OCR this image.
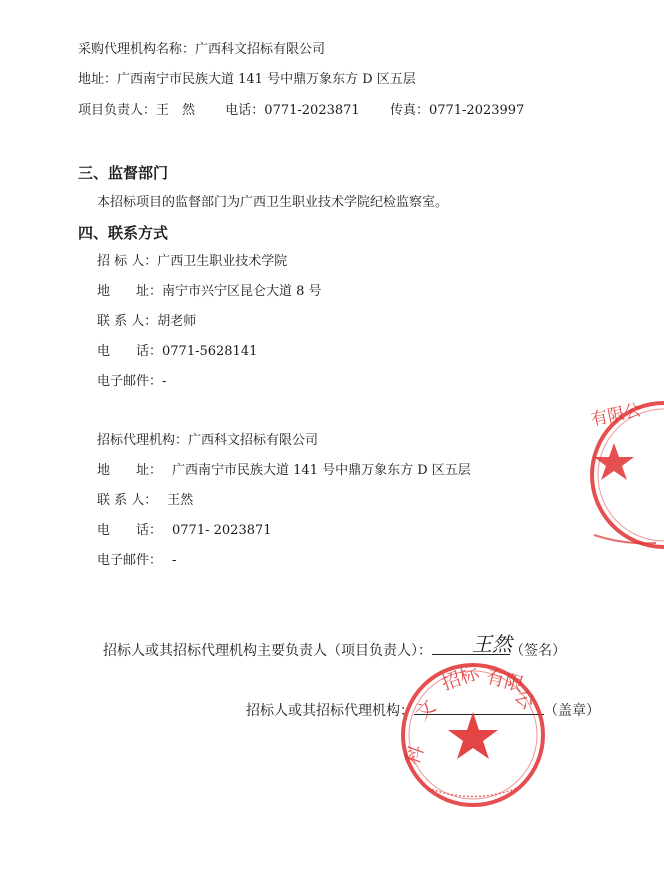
采购代理机构名称：广西科文招标有限公司
地址：广西南宁市民族大道 141 号中鼎万象东方 D 区五层
项目负责人：王　然 电话：0771-2023871 传真：0771-2023997
三、监督部门
本招标项目的监督部门为广西卫生职业技术学院纪检监察室。
四、联系方式
招 标 人：广西卫生职业技术学院
地　　址：南宁市兴宁区昆仑大道 8 号
联 系 人：胡老师
电　　话：0771-5628141
电子邮件：-
招标代理机构：广西科文招标有限公司
地　　址： 广西南宁市民族大道 141 号中鼎万象东方 D 区五层
联 系 人： 王然
电　　话： 0771- 2023871
电子邮件： -
招标人或其招标代理机构主要负责人（项目负责人）：	（签名）
王然
招标人或其招标代理机构：	（盖章）
有限公
文
招标 有限
公
科
